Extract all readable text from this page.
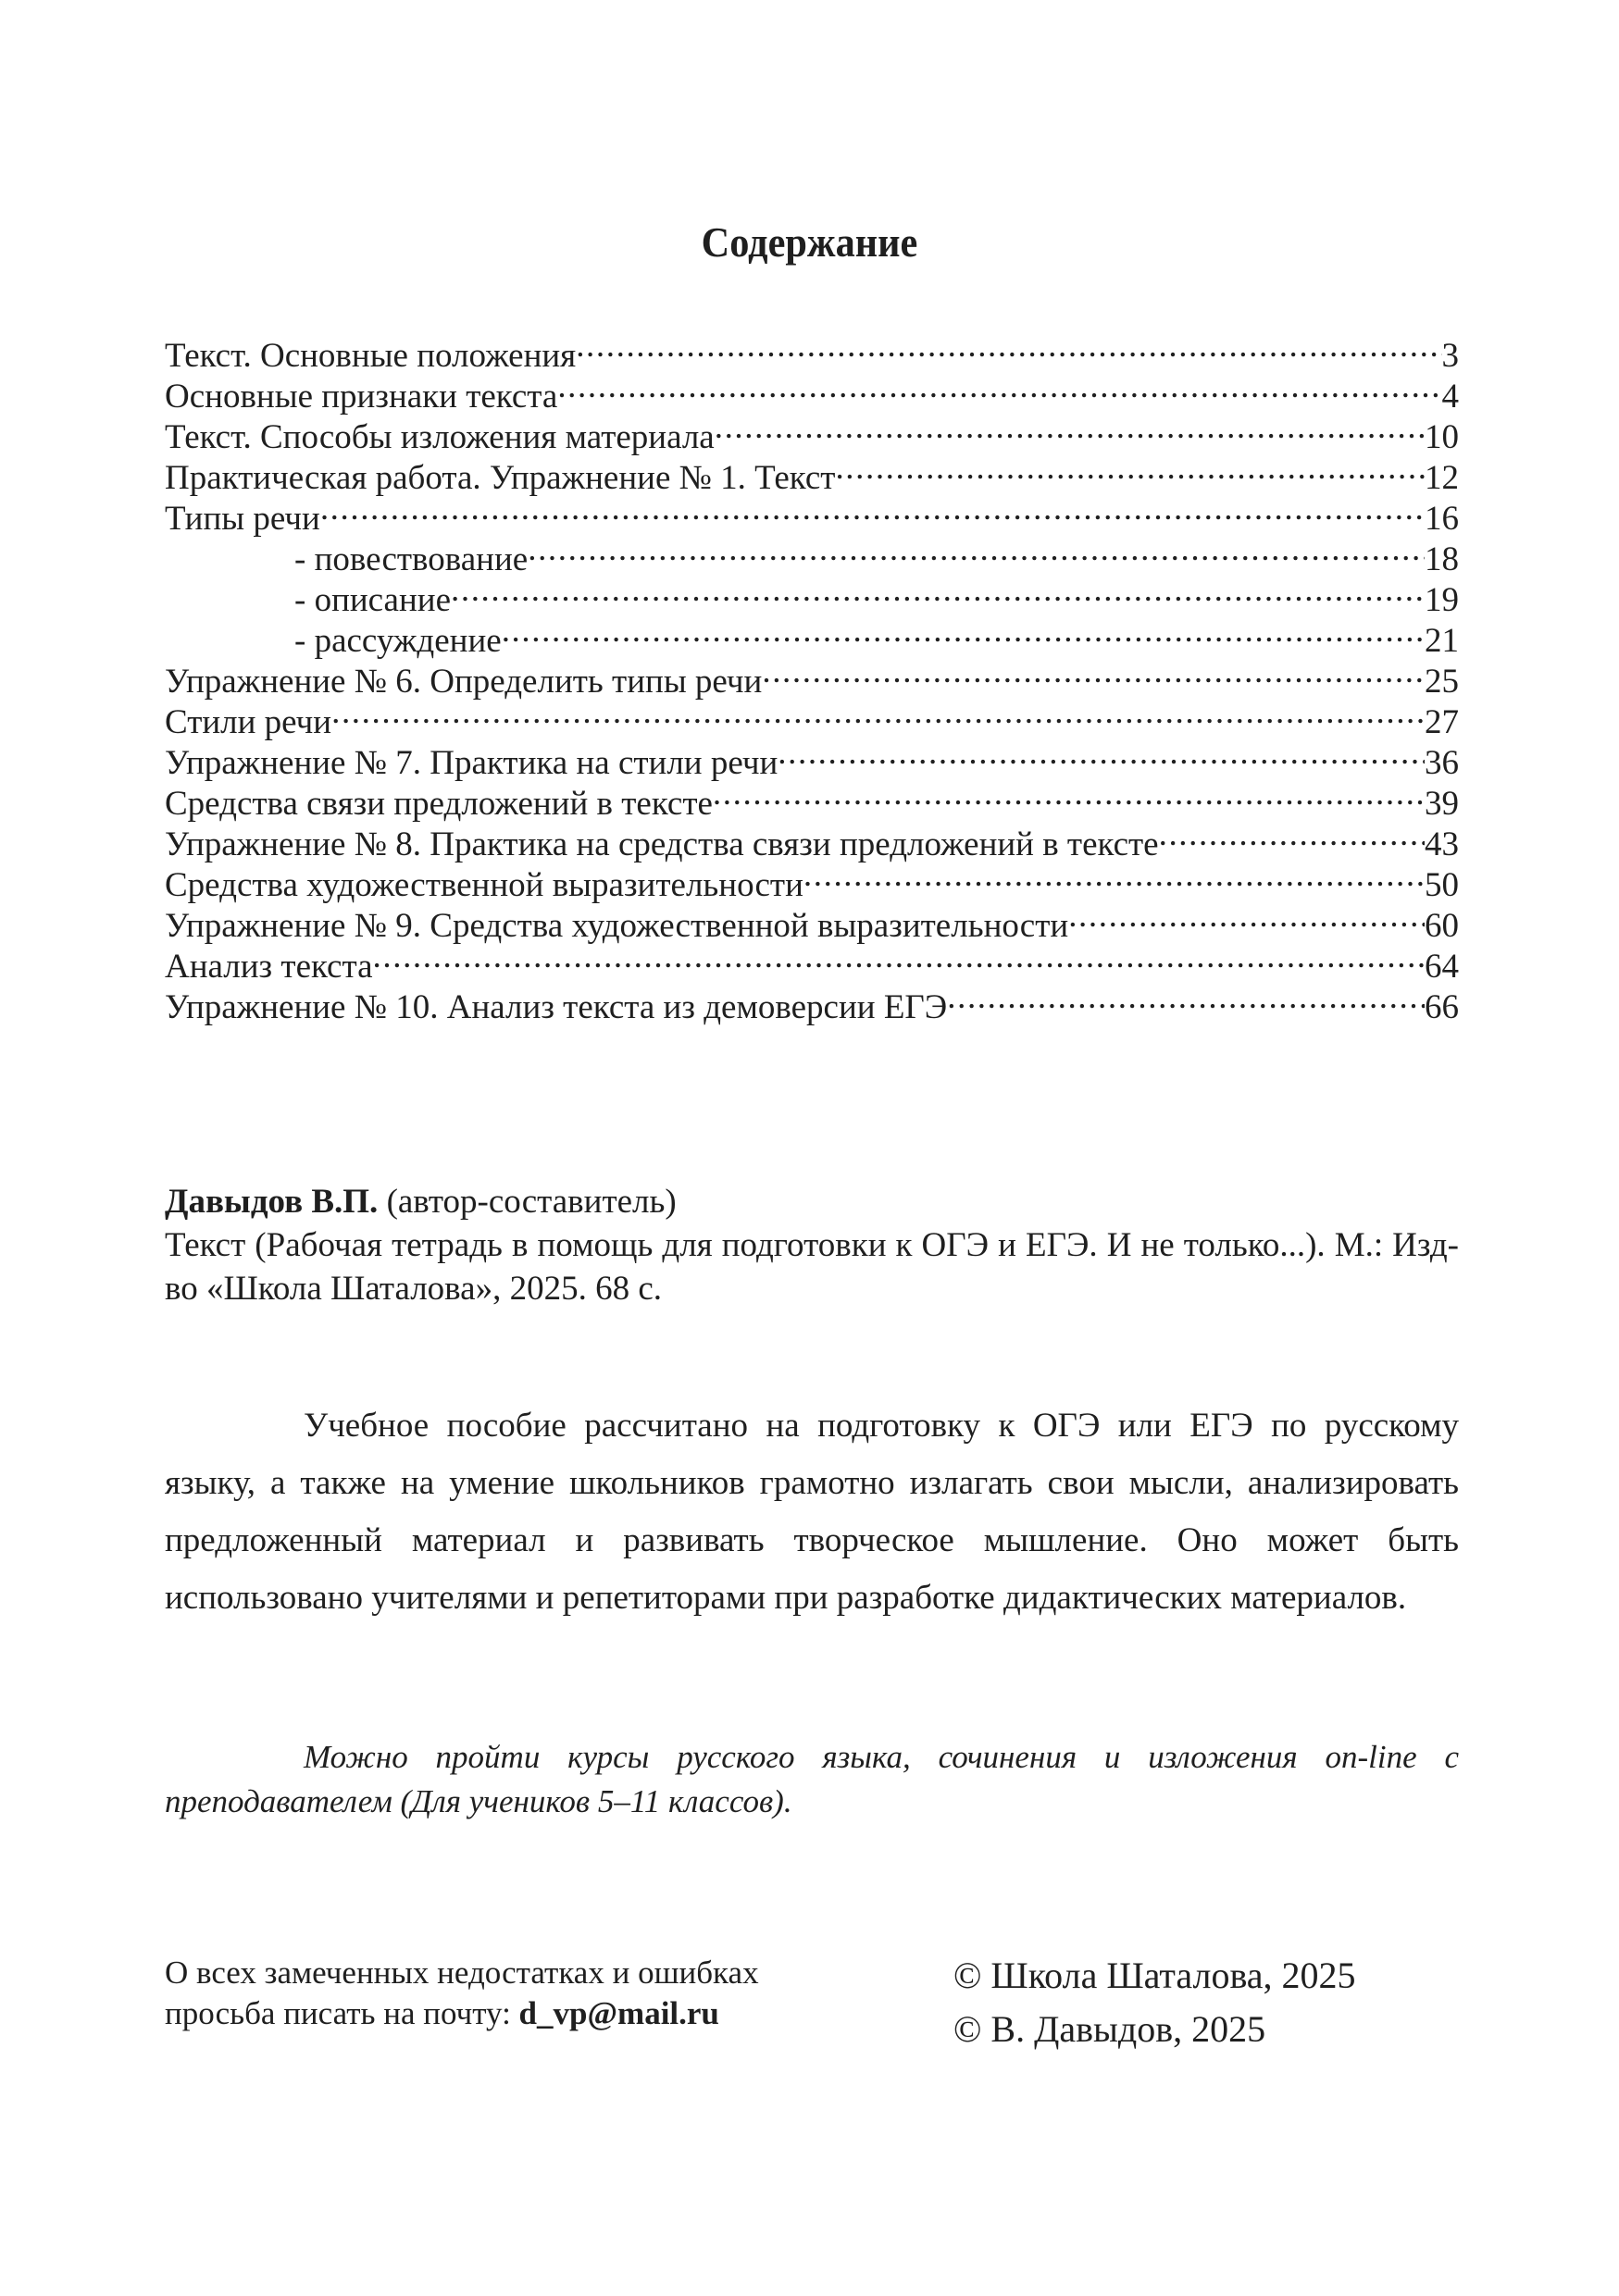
Содержание
Текст. Основные положения .....	3
Основные признаки текста .....	4
Текст. Способы изложения материала .....	10
Практическая работа. Упражнение № 1. Текст .....	12
Типы речи .....	16
- повествование .....	18
- описание .....	19
- рассуждение .....	21
Упражнение № 6. Определить типы речи .....	25
Стили речи .....	27
Упражнение № 7. Практика на стили речи .....	36
Средства связи предложений в тексте .....	39
Упражнение № 8. Практика на средства связи предложений в тексте .....	43
Средства художественной выразительности .....	50
Упражнение № 9. Средства художественной выразительности .....	60
Анализ текста .....	64
Упражнение № 10. Анализ текста из демоверсии ЕГЭ .....	66
Давыдов В.П. (автор-составитель)
Текст (Рабочая тетрадь в помощь для подготовки к ОГЭ и ЕГЭ. И не только...). М.: Изд-во «Школа Шаталова», 2025. 68 с.
Учебное пособие рассчитано на подготовку к ОГЭ или ЕГЭ по русскому языку, а также на умение школьников грамотно излагать свои мысли, анализировать предложенный материал и развивать творческое мышление. Оно может быть использовано учителями и репетиторами при разработке дидактических материалов.
Можно пройти курсы русского языка, сочинения и изложения on-line с преподавателем (Для учеников 5–11 классов).
О всех замеченных недостатках и ошибках
просьба писать на почту: d_vp@mail.ru
© Школа Шаталова, 2025
© В. Давыдов, 2025
